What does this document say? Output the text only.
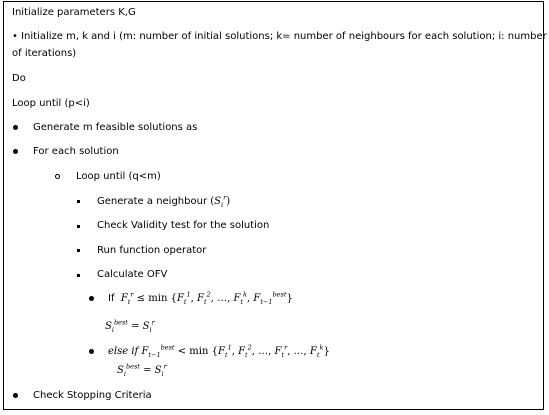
Initialize parameters K,G
• Initialize m, k and i (m: number of initial solutions; k= number of neighbours for each solution; i: number
of iterations)
Do
Loop until (p<i)
Generate m feasible solutions as
For each solution
Loop until (q<m)
Generate a neighbour $(S_i^r)$
Check Validity test for the solution
Run function operator
Calculate OFV
If $F_t^r \le \min \{F_t^1$, $F_t^2$, …, $F_t^k$, $F_{t-1}^{best}$}
$S_i^{best} = S_i^r$
else if $F_{t-1}^{best} < \min \{F_t^1$, $F_t^2$, …, $F_t^r$, …, $F_t^k$}
$S_i^{best} = S_i^r$
Check Stopping Criteria
